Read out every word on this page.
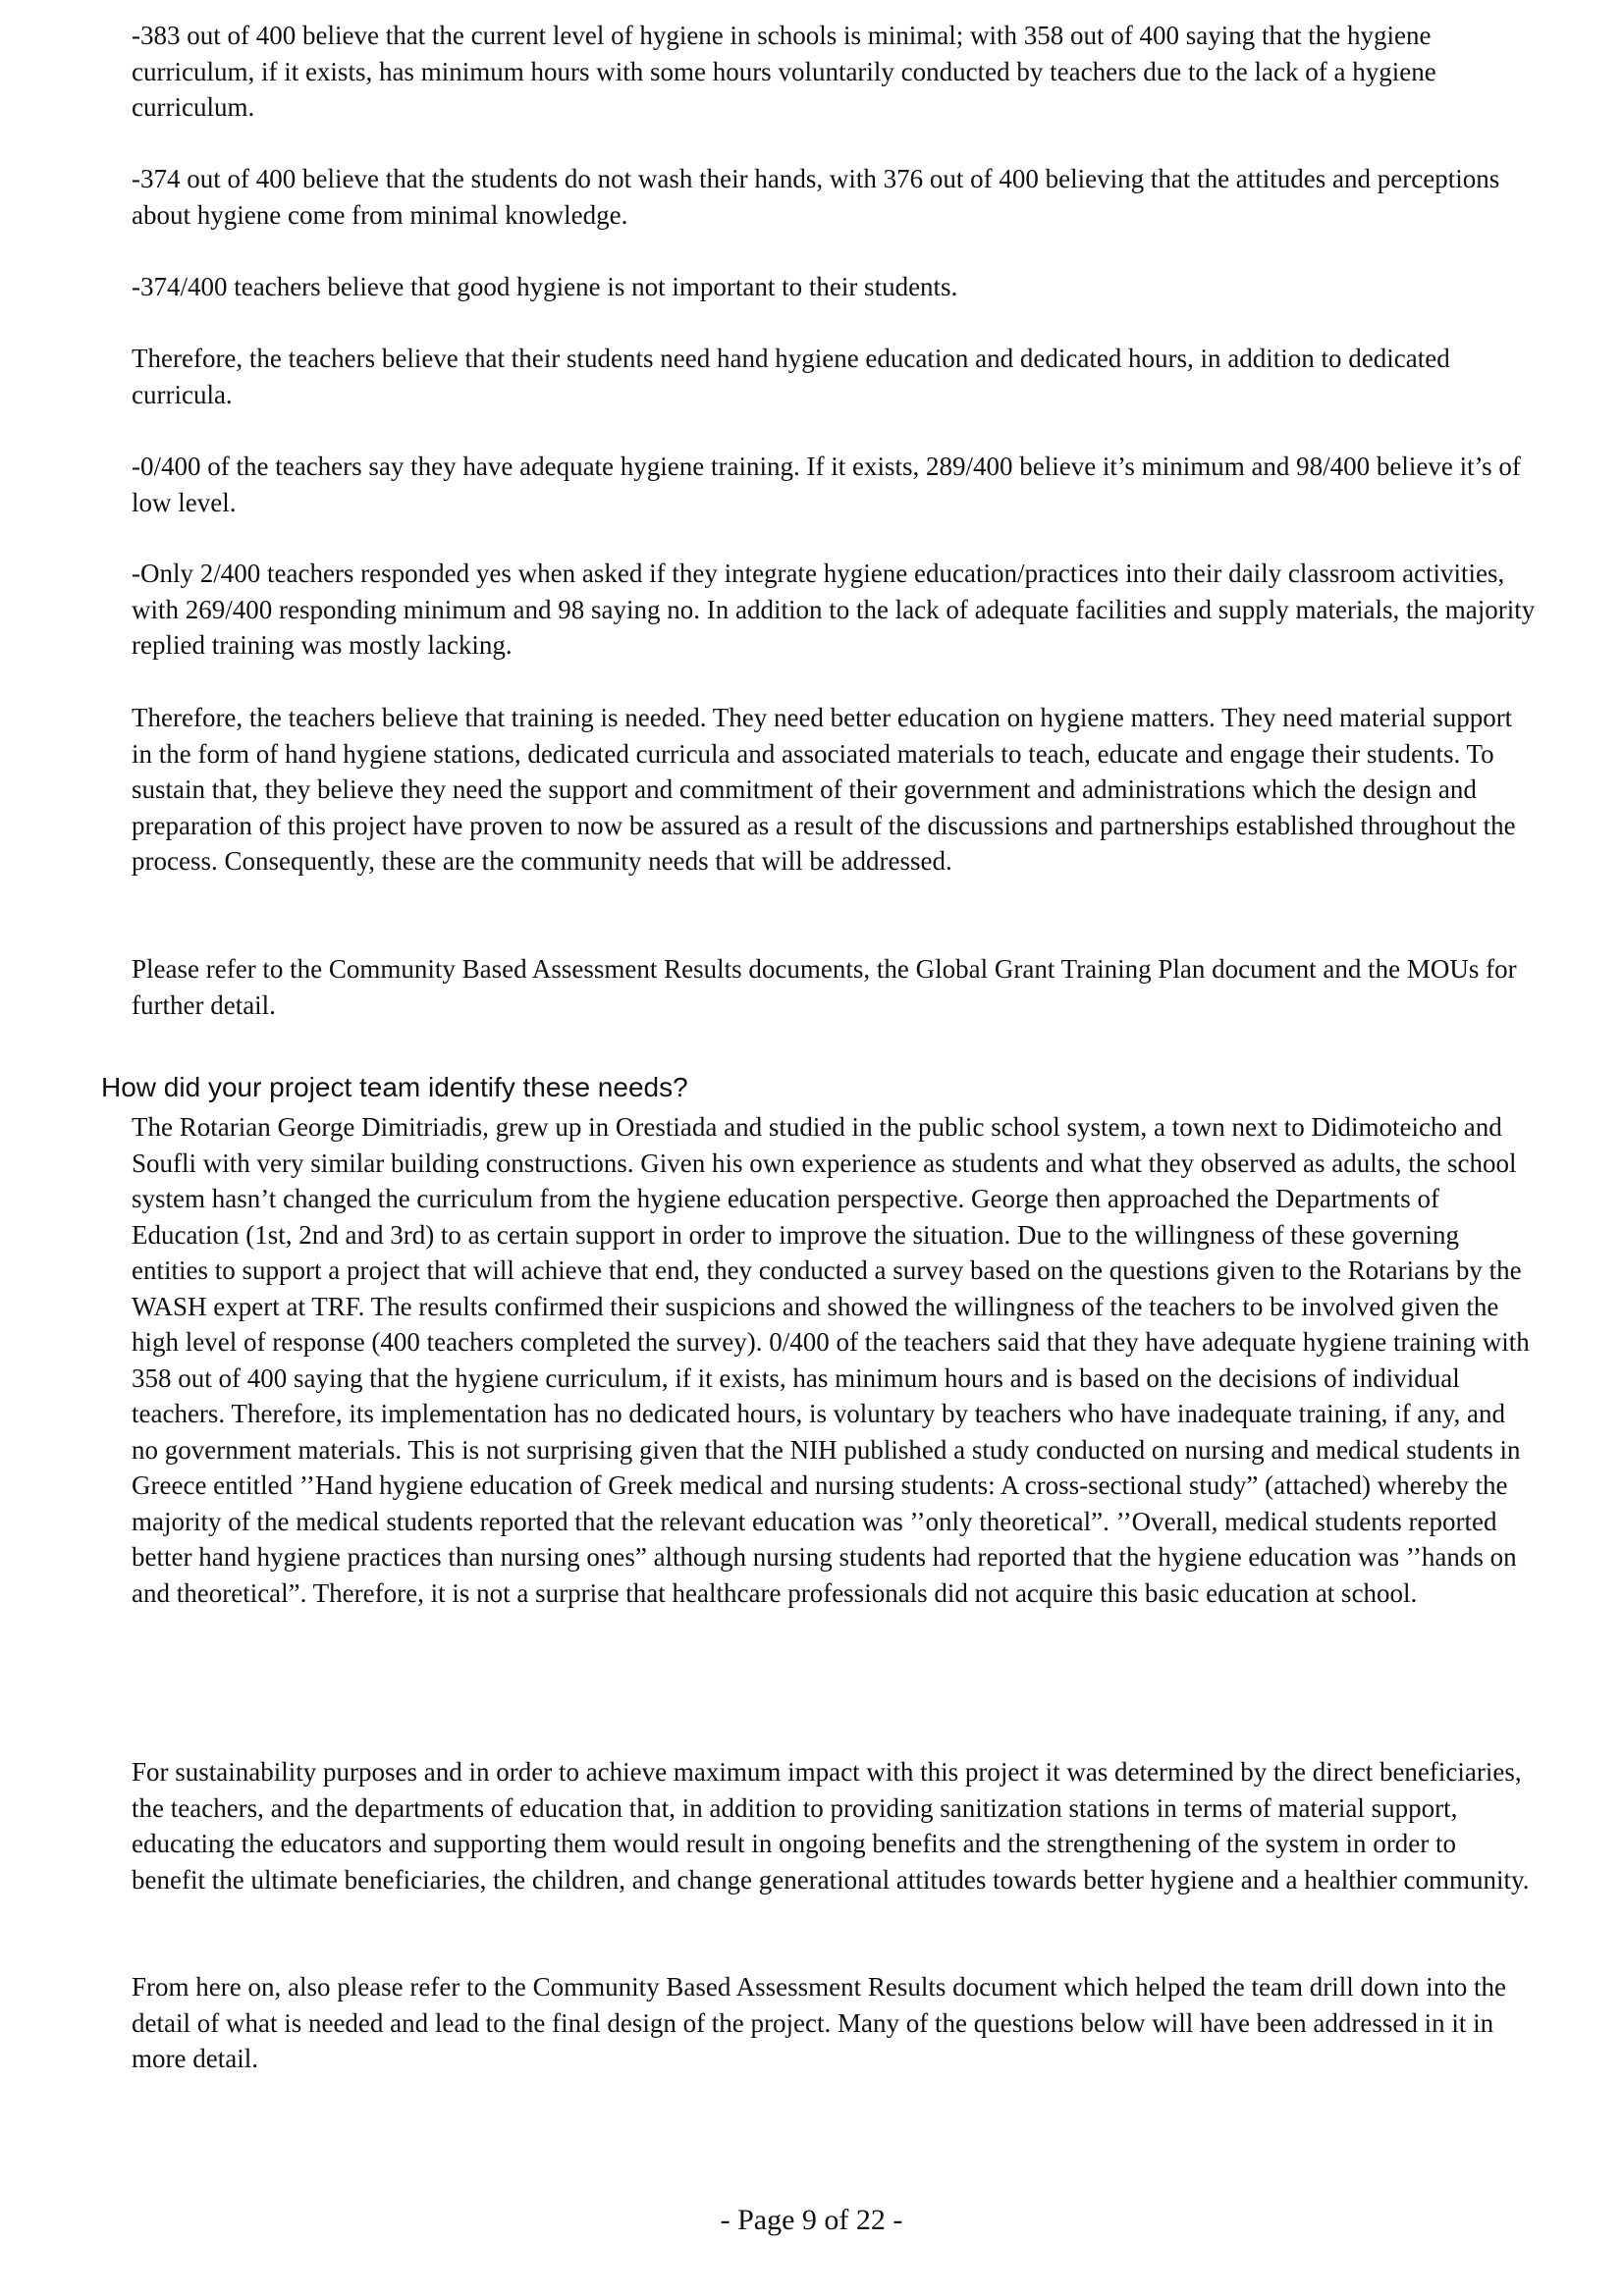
-383 out of 400 believe that the current level of hygiene in schools is minimal; with 358 out of 400 saying that the hygiene curriculum, if it exists, has minimum hours with some hours voluntarily conducted by teachers due to the lack of a hygiene curriculum.

-374 out of 400 believe that the students do not wash their hands, with 376 out of 400 believing that the attitudes and perceptions about hygiene come from minimal knowledge.

-374/400 teachers believe that good hygiene is not important to their students.

Therefore, the teachers believe that their students need hand hygiene education and dedicated hours, in addition to dedicated curricula.

-0/400 of the teachers say they have adequate hygiene training. If it exists, 289/400 believe it’s minimum and 98/400 believe it’s of low level.

-Only 2/400 teachers responded yes when asked if they integrate hygiene education/practices into their daily classroom activities, with 269/400 responding minimum and 98 saying no. In addition to the lack of adequate facilities and supply materials, the majority replied training was mostly lacking.

Therefore, the teachers believe that training is needed. They need better education on hygiene matters. They need material support in the form of hand hygiene stations, dedicated curricula and associated materials to teach, educate and engage their students. To sustain that, they believe they need the support and commitment of their government and administrations which the design and preparation of this project have proven to now be assured as a result of the discussions and partnerships established throughout the process. Consequently, these are the community needs that will be addressed.

Please refer to the Community Based Assessment Results documents, the Global Grant Training Plan document and the MOUs for further detail.

How did your project team identify these needs?

The Rotarian George Dimitriadis, grew up in Orestiada and studied in the public school system, a town next to Didimoteicho and Soufli with very similar building constructions. Given his own experience as students and what they observed as adults, the school system hasn’t changed the curriculum from the hygiene education perspective. George then approached the Departments of Education (1st, 2nd and 3rd) to as certain support in order to improve the situation. Due to the willingness of these governing entities to support a project that will achieve that end, they conducted a survey based on the questions given to the Rotarians by the WASH expert at TRF. The results confirmed their suspicions and showed the willingness of the teachers to be involved given the high level of response (400 teachers completed the survey). 0/400 of the teachers said that they have adequate hygiene training with 358 out of 400 saying that the hygiene curriculum, if it exists, has minimum hours and is based on the decisions of individual teachers. Therefore, its implementation has no dedicated hours, is voluntary by teachers who have inadequate training, if any, and no government materials. This is not surprising given that the NIH published a study conducted on nursing and medical students in Greece entitled ’’Hand hygiene education of Greek medical and nursing students: A cross-sectional study” (attached) whereby the majority of the medical students reported that the relevant education was ’’only theoretical”. ’’Overall, medical students reported better hand hygiene practices than nursing ones” although nursing students had reported that the hygiene education was ’’hands on and theoretical”. Therefore, it is not a surprise that healthcare professionals did not acquire this basic education at school.

For sustainability purposes and in order to achieve maximum impact with this project it was determined by the direct beneficiaries, the teachers, and the departments of education that, in addition to providing sanitization stations in terms of material support, educating the educators and supporting them would result in ongoing benefits and the strengthening of the system in order to benefit the ultimate beneficiaries, the children, and change generational attitudes towards better hygiene and a healthier community.

From here on, also please refer to the Community Based Assessment Results document which helped the team drill down into the detail of what is needed and lead to the final design of the project. Many of the questions below will have been addressed in it in more detail.

- Page 9 of 22 -
